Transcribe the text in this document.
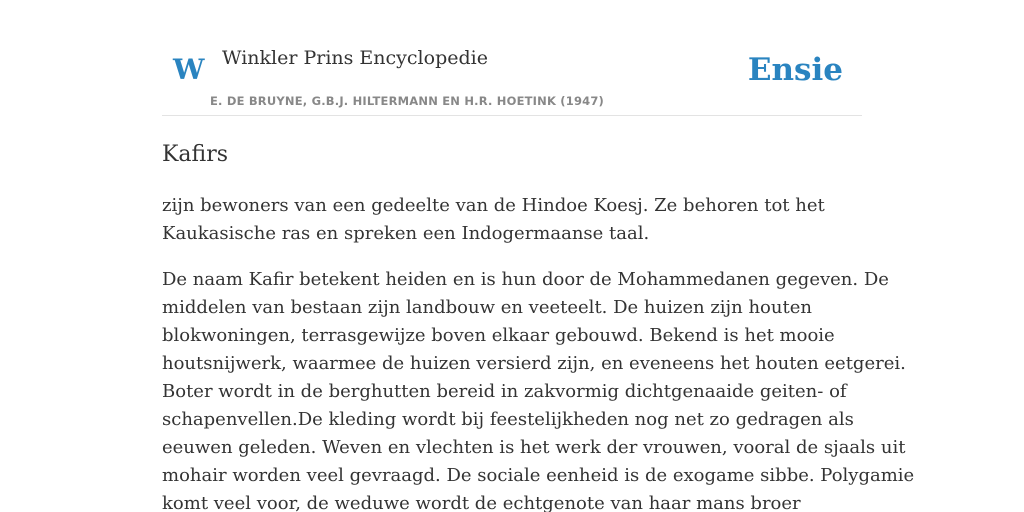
W Winkler Prins Encyclopedie
E. DE BRUYNE, G.B.J. HILTERMANN EN H.R. HOETINK (1947)
Ensie
Kafirs

zijn bewoners van een gedeelte van de Hindoe Koesj. Ze behoren tot het
Kaukasische ras en spreken een Indogermaanse taal.

De naam Kafir betekent heiden en is hun door de Mohammedanen gegeven. De
middelen van bestaan zijn landbouw en veeteelt. De huizen zijn houten
blokwoningen, terrasgewijze boven elkaar gebouwd. Bekend is het mooie
houtsnijwerk, waarmee de huizen versierd zijn, en eveneens het houten eetgerei.
Boter wordt in de berghutten bereid in zakvormig dichtgenaaide geiten- of
schapenvellen.De kleding wordt bij feestelijkheden nog net zo gedragen als
eeuwen geleden. Weven en vlechten is het werk der vrouwen, vooral de sjaals uit
mohair worden veel gevraagd. De sociale eenheid is de exogame sibbe. Polygamie
komt veel voor, de weduwe wordt de echtgenote van haar mans broer
